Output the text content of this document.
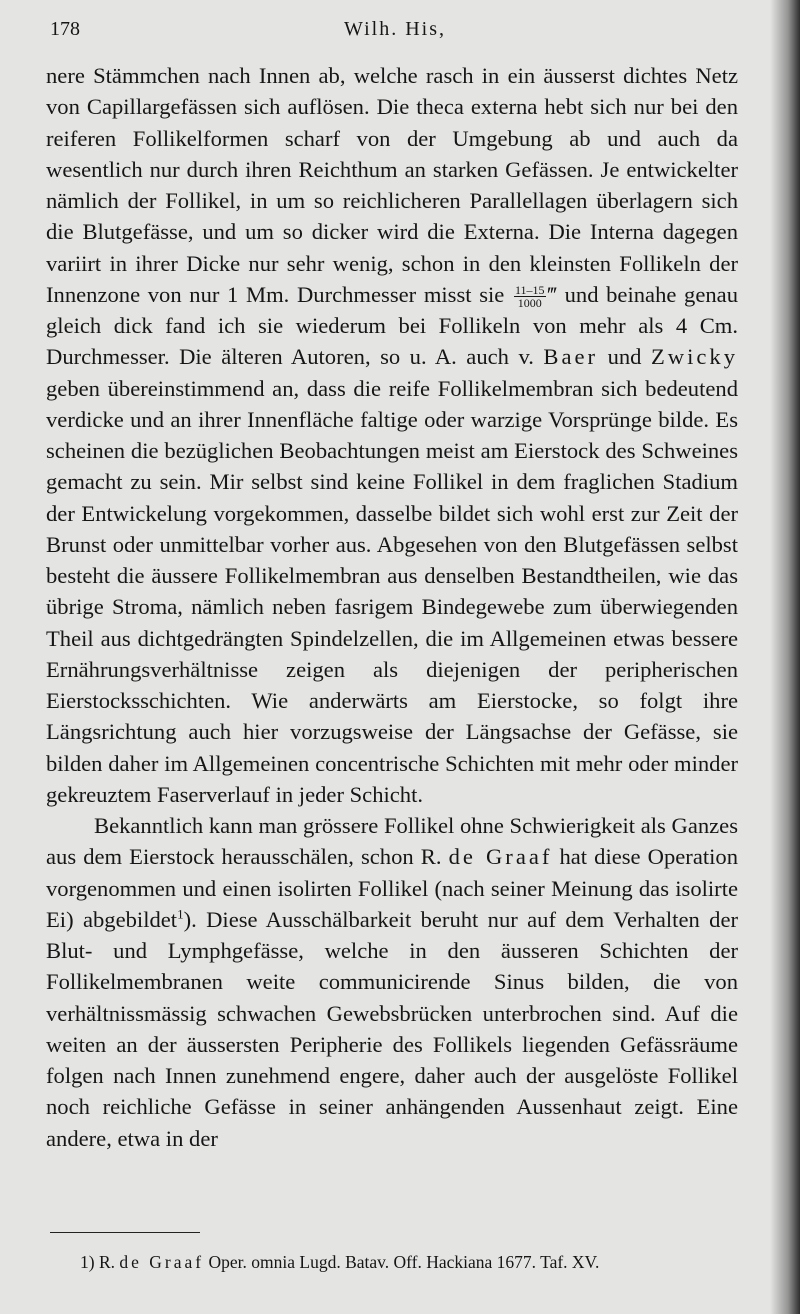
178	Wilh. His,

nere Stämmchen nach Innen ab, welche rasch in ein äusserst dichtes Netz von Capillargefässen sich auflösen. Die theca externa hebt sich nur bei den reiferen Follikelformen scharf von der Umgebung ab und auch da wesentlich nur durch ihren Reichthum an starken Gefässen. Je entwickelter nämlich der Follikel, in um so reichlicheren Parallellagen überlagern sich die Blutgefässe, und um so dicker wird die Externa. Die Interna dagegen variirt in ihrer Dicke nur sehr wenig, schon in den kleinsten Follikeln der Innenzone von nur 1 Mm. Durchmesser misst sie $\frac{11-15}{1000}$ ‴ und beinahe genau gleich dick fand ich sie wiederum bei Follikeln von mehr als 4 Cm. Durchmesser. Die älteren Autoren, so u. A. auch v. Baer und Zwicky geben übereinstimmend an, dass die reife Follikelmembran sich bedeutend verdicke und an ihrer Innenfläche faltige oder warzige Vorsprünge bilde. Es scheinen die bezüglichen Beobachtungen meist am Eierstock des Schweines gemacht zu sein. Mir selbst sind keine Follikel in dem fraglichen Stadium der Entwickelung vorgekommen, dasselbe bildet sich wohl erst zur Zeit der Brunst oder unmittelbar vorher aus. Abgesehen von den Blutgefässen selbst besteht die äussere Follikelmembran aus denselben Bestandtheilen, wie das übrige Stroma, nämlich neben fasrigem Bindegewebe zum überwiegenden Theil aus dichtgedrängten Spindelzellen, die im Allgemeinen etwas bessere Ernährungsverhältnisse zeigen als diejenigen der peripherischen Eierstocksschichten. Wie anderwärts am Eierstocke, so folgt ihre Längsrichtung auch hier vorzugsweise der Längsachse der Gefässe, sie bilden daher im Allgemeinen concentrische Schichten mit mehr oder minder gekreuztem Faserverlauf in jeder Schicht.

Bekanntlich kann man grössere Follikel ohne Schwierigkeit als Ganzes aus dem Eierstock herausschälen, schon R. de Graaf hat diese Operation vorgenommen und einen isolirten Follikel (nach seiner Meinung das isolirte Ei) abgebildet$^1$). Diese Ausschälbarkeit beruht nur auf dem Verhalten der Blut- und Lymphgefässe, welche in den äusseren Schichten der Follikelmembranen weite communicirende Sinus bilden, die von verhältnissmässig schwachen Gewebsbrücken unterbrochen sind. Auf die weiten an der äussersten Peripherie des Follikels liegenden Gefässräume folgen nach Innen zunehmend engere, daher auch der ausgelöste Follikel noch reichliche Gefässe in seiner anhängenden Aussenhaut zeigt. Eine andere, etwa in der

1) R. de Graaf Oper. omnia Lugd. Batav. Off. Hackiana 1677. Taf. XV.
